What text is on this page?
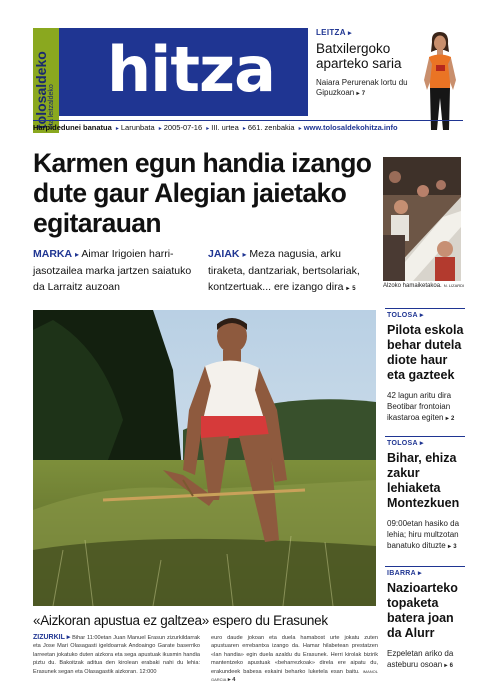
tolosaldeko eta leitzaldeko
hitza
LEITZA ▸
Batxilergoko aparteko saria
Naiara Perurenak lortu du Gipuzkoan ▸ 7
Harpidedunei banatua ▸ Larunbata ▸ 2005-07-16 ▸ III. urtea ▸ 661. zenbakia ▸ www.tolosaldekohitza.info
Karmen egun handia izango dute gaur Alegian jaietako egitarauan
MARKA ▸ Aimar Irigoien harri-jasotzailea marka jartzen saiatuko da Larraitz auzoan
JAIAK ▸ Meza nagusia, arku tiraketa, dantzariak, bertsolariak, kontzertuak... ere izango dira ▸ 5	Alzoko hamaiketakoa. N. LIZARDI
«Aizkoran apustua ez galtzea» espero du Erasunek
ZIZURKIL ▸ Bihar 11:00etan Juan Manuel Erasun zizurkildarrak eta Jose Mari Olasagasti igeldoarrak Andoaingo Garate baserriko larreetan jokatuko duten aizkora eta sega apustuak ikusmin handia piztu du. Bakoitzak aditua den kirolean erabaki nahi du lehia: Erasunek segan eta Olasagastik aizkoran. 12:000
euro daude jokoan eta duela hamabost urte jokatu zuten apustuaren errebantxa izango da. Hamar hilabetean prestatzen «lan handia» egin duela azaldu du Erasunek. Herri kirolak bizirik mantentzeko apustuak «beharrezkoak» direla ere aipatu du, erakundeek babesa eskaini beharko luketela esan baitu. IMANOL GARCIA ▸ 4
TOLOSA ▸
Pilota eskola behar dutela diote haur eta gazteek
42 lagun aritu dira Beotibar frontoian ikastaroa egiten ▸ 2
TOLOSA ▸
Bihar, ehiza zakur lehiaketa Montezkuen
09:00etan hasiko da lehia; hiru multzotan banatuko dituzte ▸ 3
IBARRA ▸
Nazioarteko topaketa batera joan da Alurr
Ezpeletan ariko da asteburu osoan ▸ 6
